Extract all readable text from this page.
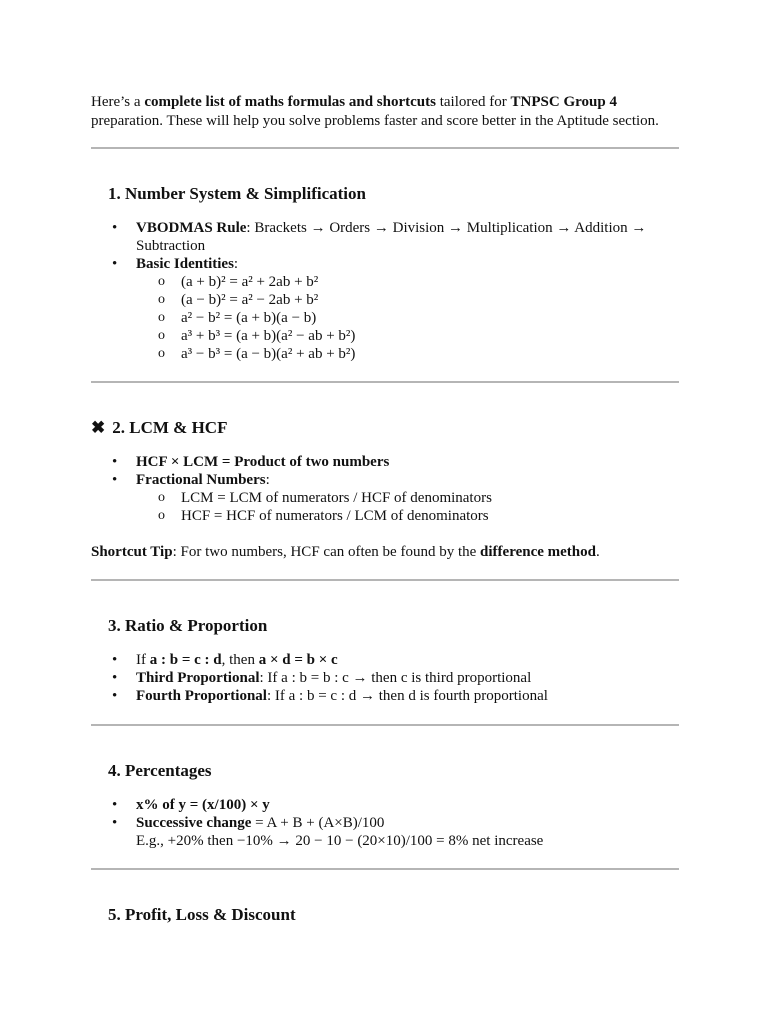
Here’s a complete list of maths formulas and shortcuts tailored for TNPSC Group 4 preparation. These will help you solve problems faster and score better in the Aptitude section.

1. Number System & Simplification
• VBODMAS Rule: Brackets → Orders → Division → Multiplication → Addition → Subtraction
• Basic Identities:
o (a + b)² = a² + 2ab + b²
o (a − b)² = a² − 2ab + b²
o a² − b² = (a + b)(a − b)
o a³ + b³ = (a + b)(a² − ab + b²)
o a³ − b³ = (a − b)(a² + ab + b²)
✖ 2. LCM & HCF
• HCF × LCM = Product of two numbers
• Fractional Numbers:
o LCM = LCM of numerators / HCF of denominators
o HCF = HCF of numerators / LCM of denominators

Shortcut Tip: For two numbers, HCF can often be found by the difference method.

3. Ratio & Proportion
• If a : b = c : d, then a × d = b × c
• Third Proportional: If a : b = b : c → then c is third proportional
• Fourth Proportional: If a : b = c : d → then d is fourth proportional
4. Percentages
• x% of y = (x/100) × y
• Successive change = A + B + (A×B)/100
E.g., +20% then −10% → 20 − 10 − (20×10)/100 = 8% net increase
5. Profit, Loss & Discount
